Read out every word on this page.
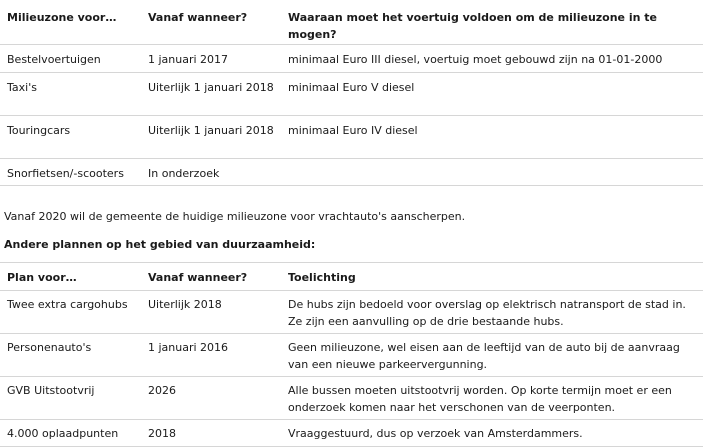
Milieuzone voor…	Vanaf wanneer?	Waaraan moet het voertuig voldoen om de milieuzone in te mogen?
Bestelvoertuigen	1 januari 2017	minimaal Euro III diesel, voertuig moet gebouwd zijn na 01-01-2000
Taxi's	Uiterlijk 1 januari 2018	minimaal Euro V diesel
Touringcars	Uiterlijk 1 januari 2018	minimaal Euro IV diesel
Snorfietsen/-scooters	In onderzoek
Vanaf 2020 wil de gemeente de huidige milieuzone voor vrachtauto's aanscherpen.
Andere plannen op het gebied van duurzaamheid:
Plan voor…	Vanaf wanneer?	Toelichting
Twee extra cargohubs	Uiterlijk 2018	De hubs zijn bedoeld voor overslag op elektrisch natransport de stad in. Ze zijn een aanvulling op de drie bestaande hubs.
Personenauto's	1 januari 2016	Geen milieuzone, wel eisen aan de leeftijd van de auto bij de aanvraag van een nieuwe parkeervergunning.
GVB Uitstootvrij	2026	Alle bussen moeten uitstootvrij worden. Op korte termijn moet er een onderzoek komen naar het verschonen van de veerponten.
4.000 oplaadpunten	2018	Vraaggestuurd, dus op verzoek van Amsterdammers.
